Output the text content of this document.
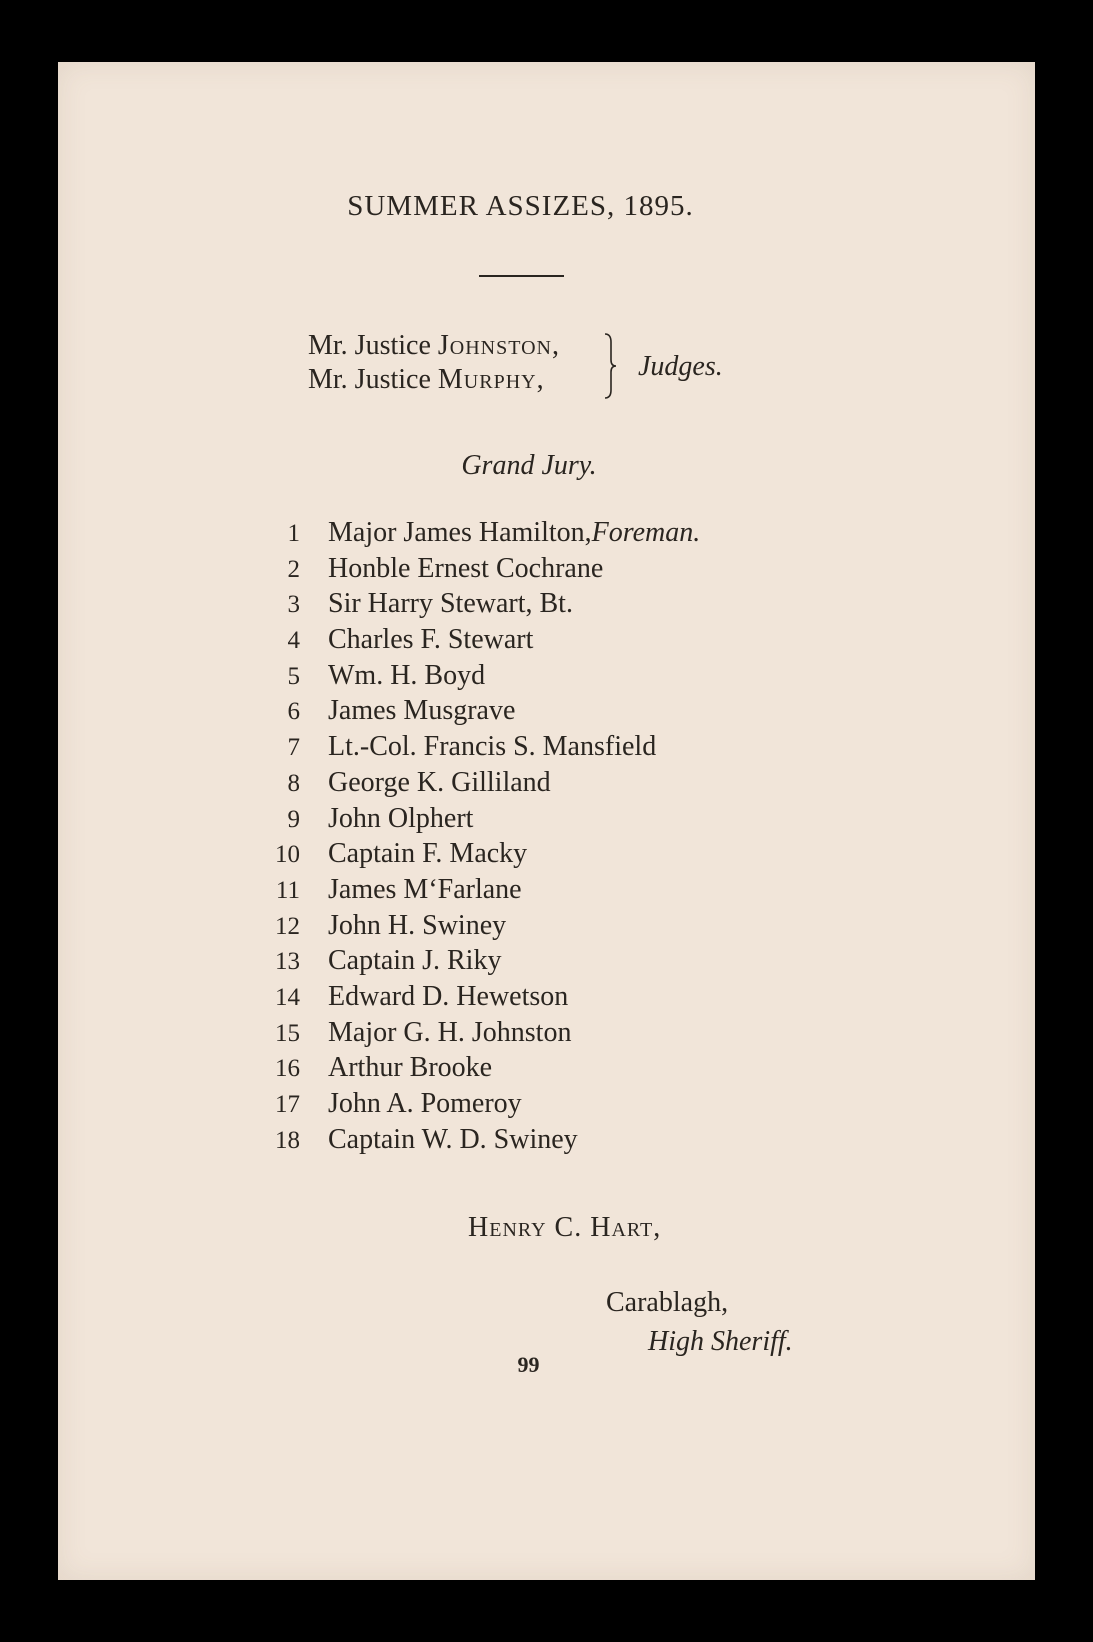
SUMMER ASSIZES, 1895.
Mr. Justice Johnston,
Mr. Justice Murphy,	Judges.
Grand Jury.
1 Major James Hamilton, Foreman.
2 Honble Ernest Cochrane
3 Sir Harry Stewart, Bt.
4 Charles F. Stewart
5 Wm. H. Boyd
6 James Musgrave
7 Lt.-Col. Francis S. Mansfield
8 George K. Gilliland
9 John Olphert
10 Captain F. Macky
11 James M‘Farlane
12 John H. Swiney
13 Captain J. Riky
14 Edward D. Hewetson
15 Major G. H. Johnston
16 Arthur Brooke
17 John A. Pomeroy
18 Captain W. D. Swiney
Henry C. Hart,
Carablagh,
High Sheriff.
99
